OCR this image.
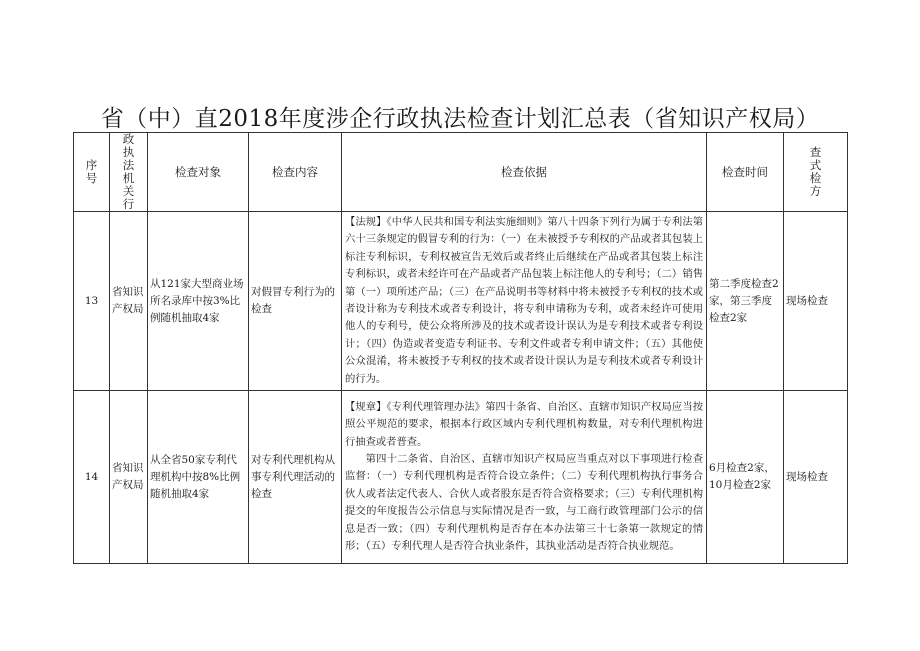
省（中）直2018年度涉企行政执法检查计划汇总表（省知识产权局）
序号	政执法机关行	检查对象	检查内容	检查依据	检查时间	查式检方
13	省知识产权局	从121家大型商业场所名录库中按3%比例随机抽取4家	对假冒专利行为的检查	【法规】《中华人民共和国专利法实施细则》第八十四条下列行为属于专利法第六十三条规定的假冒专利的行为：（一）在未被授予专利权的产品或者其包装上标注专利标识，专利权被宣告无效后或者终止后继续在产品或者其包装上标注专利标识，或者未经许可在产品或者产品包装上标注他人的专利号；（二）销售第（一）项所述产品；（三）在产品说明书等材料中将未被授予专利权的技术或者设计称为专利技术或者专利设计，将专利申请称为专利，或者未经许可使用他人的专利号，使公众将所涉及的技术或者设计误认为是专利技术或者专利设计；（四）伪造或者变造专利证书、专利文件或者专利申请文件；（五）其他使公众混淆，将未被授予专利权的技术或者设计误认为是专利技术或者专利设计的行为。	第二季度检查2家，第三季度检查2家	现场检查
14	省知识产权局	从全省50家专利代理机构中按8%比例随机抽取4家	对专利代理机构从事专利代理活动的检查	【规章】《专利代理管理办法》第四十条省、自治区、直辖市知识产权局应当按照公平规范的要求，根据本行政区域内专利代理机构数量，对专利代理机构进行抽查或者普查。

第四十二条省、自治区、直辖市知识产权局应当重点对以下事项进行检查监督：（一）专利代理机构是否符合设立条件；（二）专利代理机构执行事务合伙人或者法定代表人、合伙人或者股东是否符合资格要求；（三）专利代理机构提交的年度报告公示信息与实际情况是否一致，与工商行政管理部门公示的信息是否一致；（四）专利代理机构是否存在本办法第三十七条第一款规定的情形；（五）专利代理人是否符合执业条件，其执业活动是否符合执业规范。	6月检查2家，10月检查2家	现场检查
